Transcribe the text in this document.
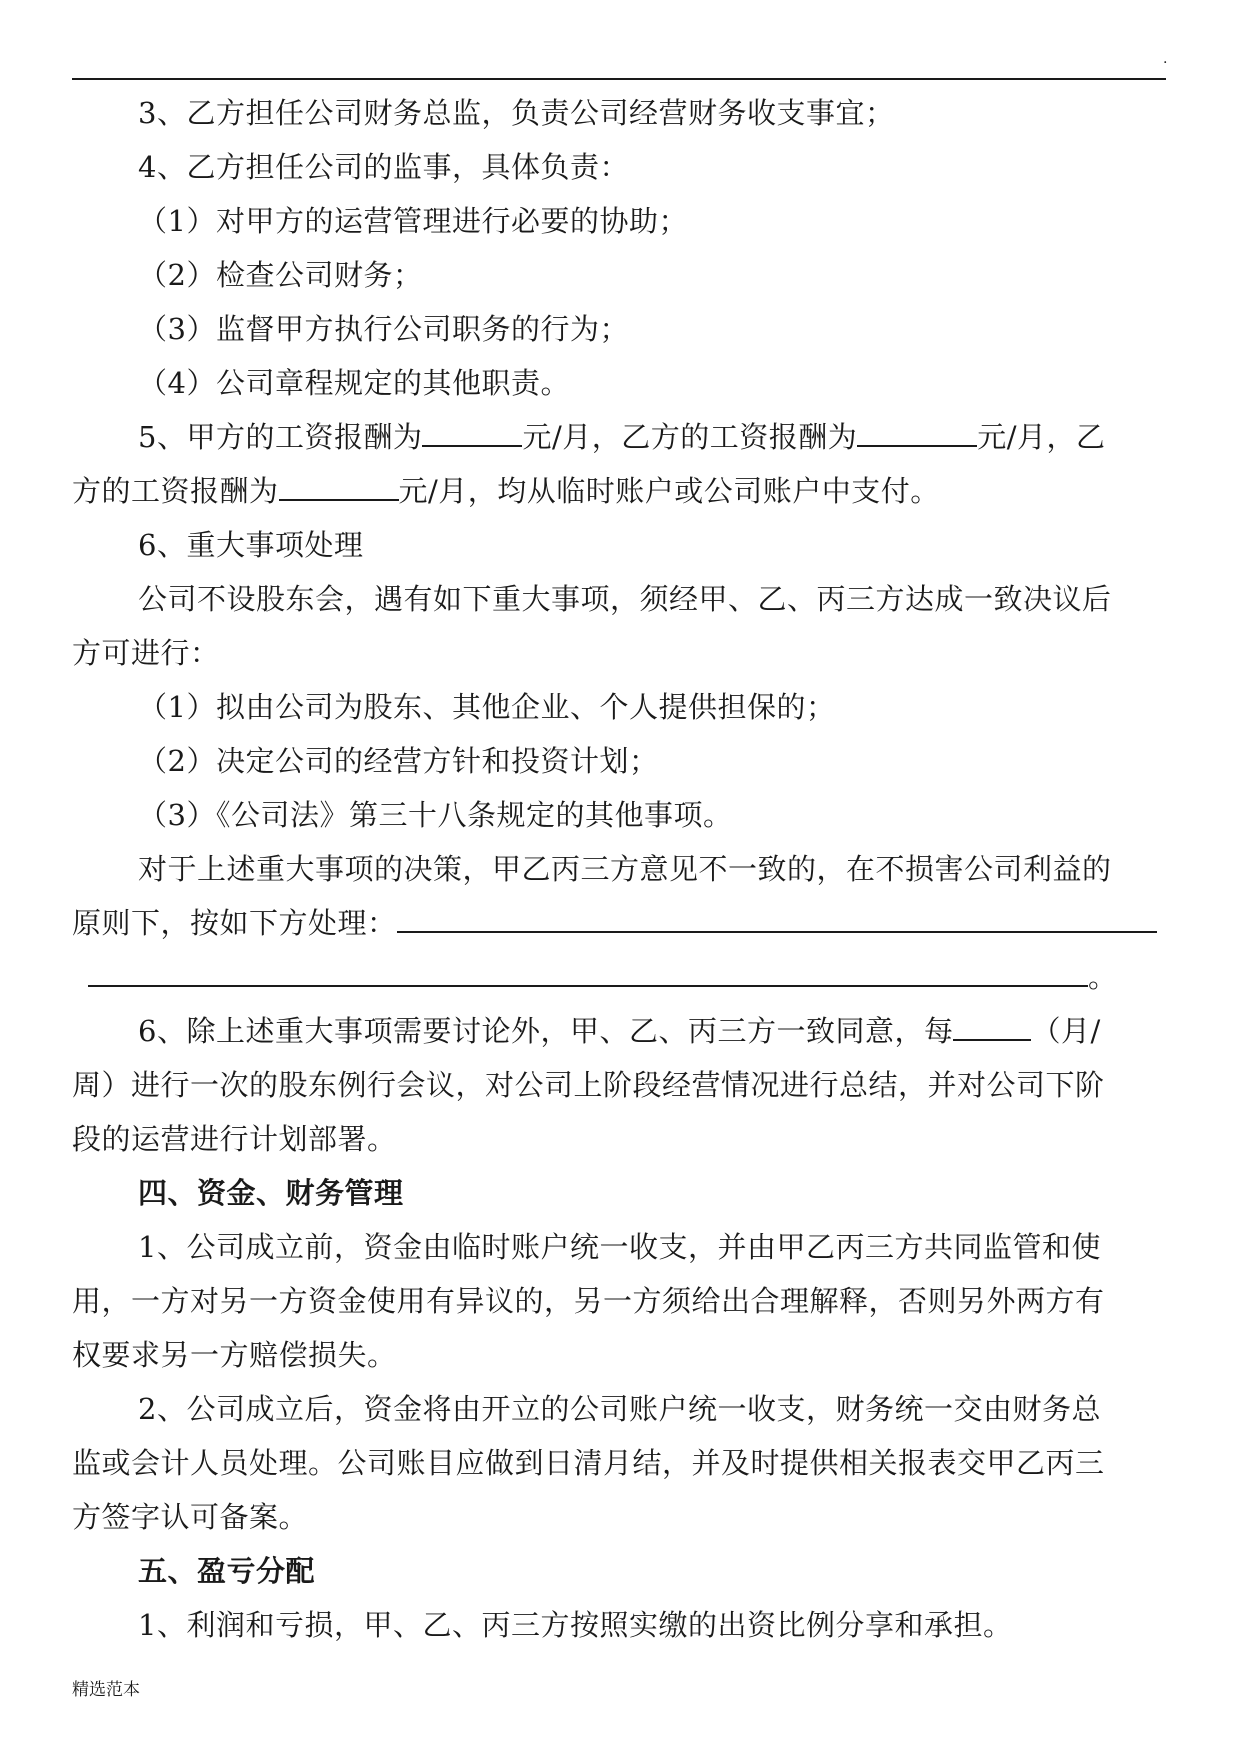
.
3、乙方担任公司财务总监，负责公司经营财务收支事宜；
4、乙方担任公司的监事，具体负责：
（1）对甲方的运营管理进行必要的协助；
（2）检查公司财务；
（3）监督甲方执行公司职务的行为；
（4）公司章程规定的其他职责。
5、甲方的工资报酬为	元/月，乙方的工资报酬为	元/月，乙
方的工资报酬为	元/月，均从临时账户或公司账户中支付。
6、重大事项处理
公司不设股东会，遇有如下重大事项，须经甲、乙、丙三方达成一致决议后
方可进行：
（1）拟由公司为股东、其他企业、个人提供担保的；
（2）决定公司的经营方针和投资计划；
（3）《公司法》第三十八条规定的其他事项。
对于上述重大事项的决策，甲乙丙三方意见不一致的，在不损害公司利益的
原则下，按如下方处理：
。
6、除上述重大事项需要讨论外，甲、乙、丙三方一致同意，每	（月/
周）进行一次的股东例行会议，对公司上阶段经营情况进行总结，并对公司下阶
段的运营进行计划部署。
四、资金、财务管理
1、公司成立前，资金由临时账户统一收支，并由甲乙丙三方共同监管和使
用，一方对另一方资金使用有异议的，另一方须给出合理解释，否则另外两方有
权要求另一方赔偿损失。
2、公司成立后，资金将由开立的公司账户统一收支，财务统一交由财务总
监或会计人员处理。公司账目应做到日清月结，并及时提供相关报表交甲乙丙三
方签字认可备案。
五、盈亏分配
1、利润和亏损，甲、乙、丙三方按照实缴的出资比例分享和承担。
精选范本
